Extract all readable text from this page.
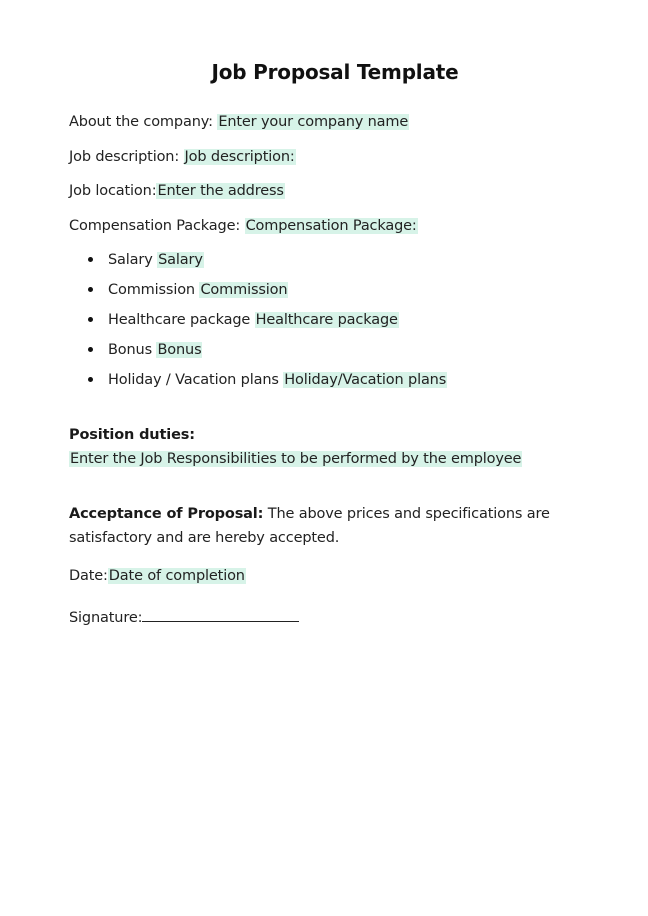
Job Proposal Template
About the company: Enter your company name
Job description: Job description:
Job location:Enter the address
Compensation Package: Compensation Package:
Salary Salary
Commission Commission
Healthcare package Healthcare package
Bonus Bonus
Holiday / Vacation plans Holiday/Vacation plans
Position duties:
Enter the Job Responsibilities to be performed by the employee
Acceptance of Proposal: The above prices and specifications are satisfactory and are hereby accepted.
Date:Date of completion
Signature:
